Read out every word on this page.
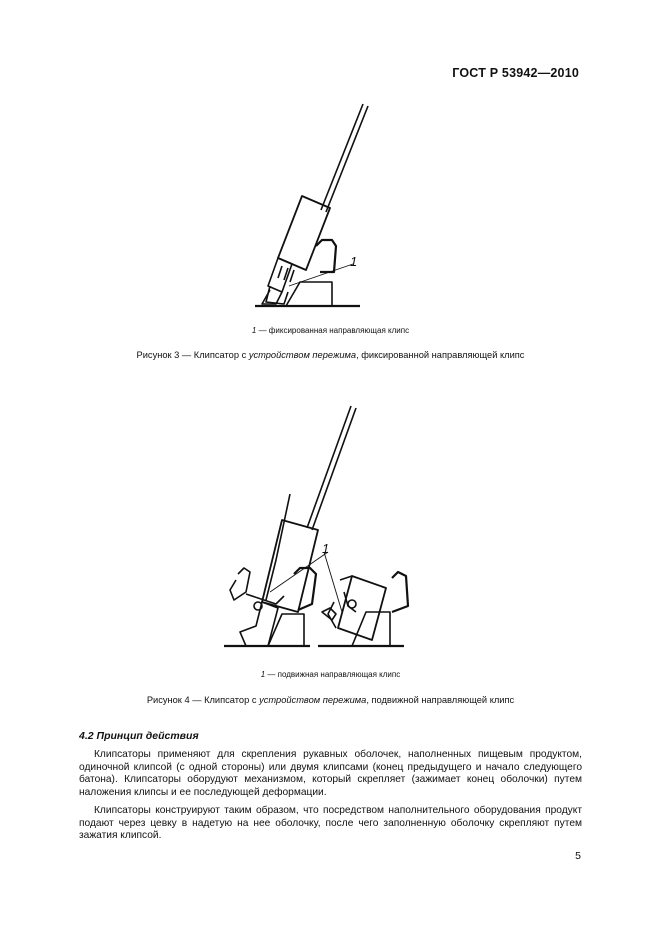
ГОСТ Р 53942—2010
1
1 — фиксированная направляющая клипс
Рисунок 3 — Клипсатор с устройством пережима, фиксированной направляющей клипс
1
1 — подвижная направляющая клипс
Рисунок 4 — Клипсатор с устройством пережима, подвижной направляющей клипс
4.2 Принцип действия
Клипсаторы применяют для скрепления рукавных оболочек, наполненных пищевым продуктом, одиночной клипсой (с одной стороны) или двумя клипсами (конец предыдущего и начало следующего батона). Клипсаторы оборудуют механизмом, который скрепляет (зажимает конец оболочки) путем наложения клипсы и ее последующей деформации.
Клипсаторы конструируют таким образом, что посредством наполнительного оборудования продукт подают через цевку в надетую на нее оболочку, после чего заполненную оболочку скрепляют путем зажатия клипсой.
5
